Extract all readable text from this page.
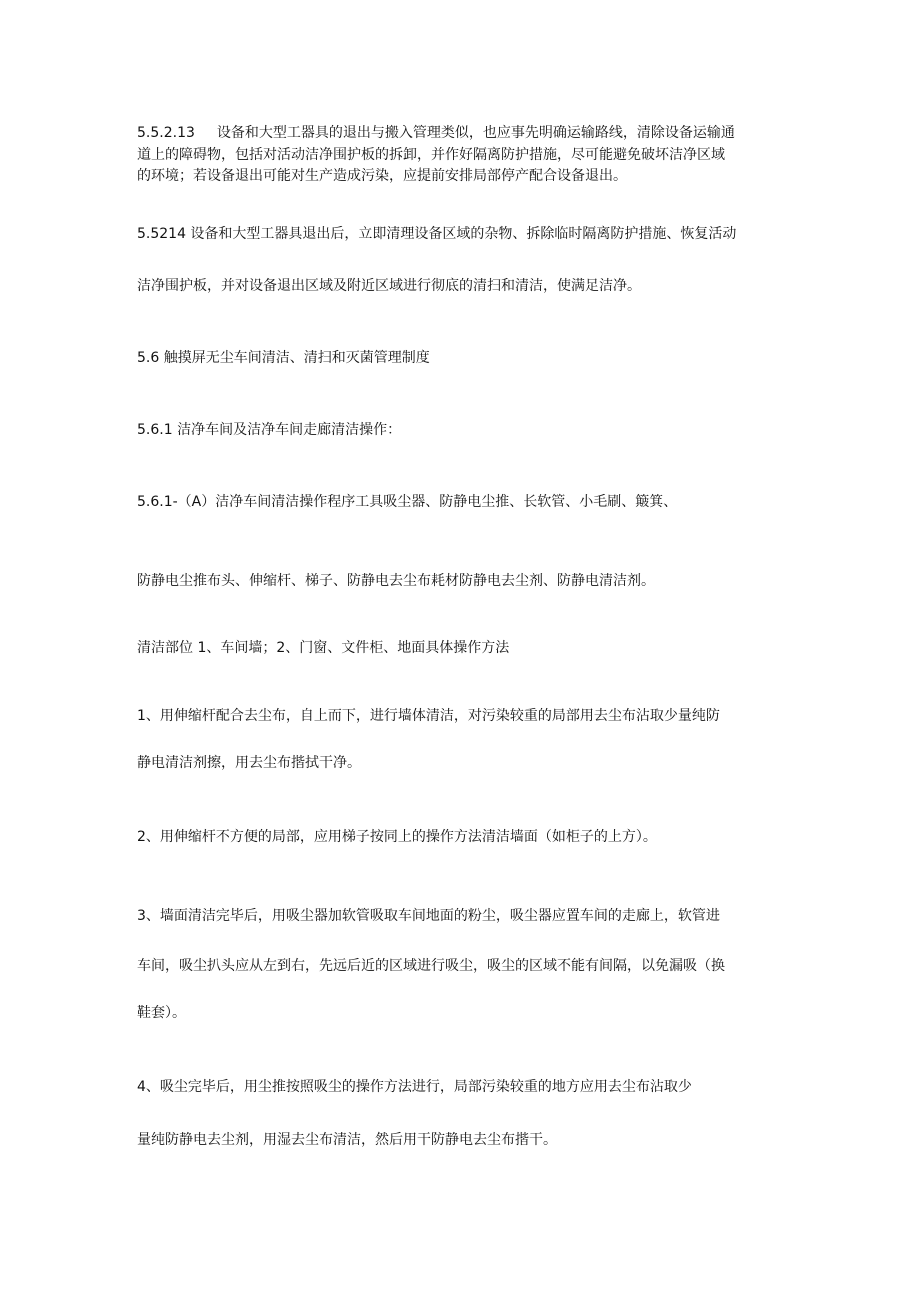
5.5.2.13 设备和大型工器具的退出与搬入管理类似，也应事先明确运输路线，清除设备运输通
道上的障碍物，包括对活动洁净围护板的拆卸，并作好隔离防护措施，尽可能避免破坏洁净区域
的环境；若设备退出可能对生产造成污染，应提前安排局部停产配合设备退出。
5.5214 设备和大型工器具退出后，立即清理设备区域的杂物、拆除临时隔离防护措施、恢复活动
洁净围护板，并对设备退出区域及附近区域进行彻底的清扫和清洁，使满足洁净。
5.6 触摸屏无尘车间清洁、清扫和灭菌管理制度
5.6.1 洁净车间及洁净车间走廊清洁操作：
5.6.1-（A）洁净车间清洁操作程序工具吸尘器、防静电尘推、长软管、小毛刷、簸箕、
防静电尘推布头、伸缩杆、梯子、防静电去尘布耗材防静电去尘剂、防静电清洁剂。
清洁部位 1、车间墙；2、门窗、文件柜、地面具体操作方法
1、用伸缩杆配合去尘布，自上而下，进行墙体清洁，对污染较重的局部用去尘布沾取少量纯防
静电清洁剂擦，用去尘布揩拭干净。
2、用伸缩杆不方便的局部，应用梯子按同上的操作方法清洁墙面（如柜子的上方）。
3、墙面清洁完毕后，用吸尘器加软管吸取车间地面的粉尘，吸尘器应置车间的走廊上，软管进
车间，吸尘扒头应从左到右，先远后近的区域进行吸尘，吸尘的区域不能有间隔，以免漏吸（换
鞋套）。
4、吸尘完毕后，用尘推按照吸尘的操作方法进行，局部污染较重的地方应用去尘布沾取少
量纯防静电去尘剂，用湿去尘布清洁，然后用干防静电去尘布揩干。
